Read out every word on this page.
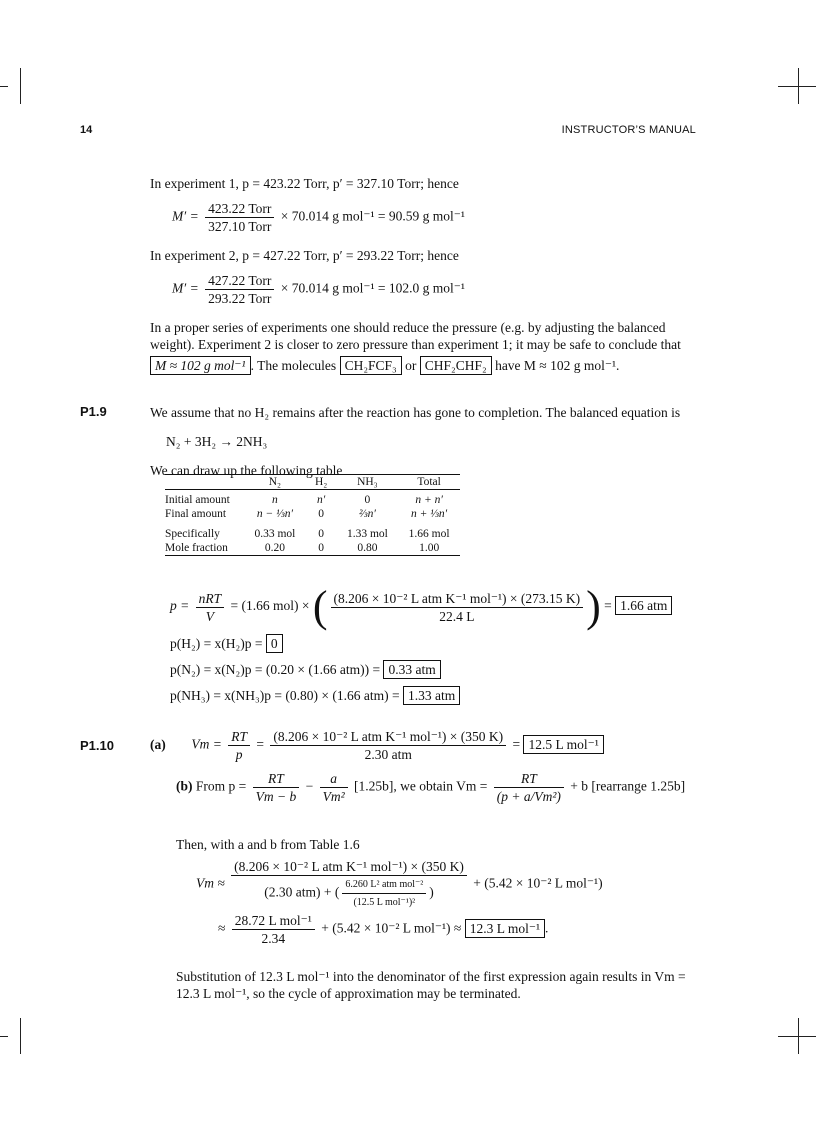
14	INSTRUCTOR’S MANUAL
In experiment 1, p = 423.22 Torr, p′ = 327.10 Torr; hence
$M' = \frac{\text{423.22 Torr}}{\text{327.10 Torr}} \times 70.014$ g mol⁻¹ = 90.59 g mol⁻¹
In experiment 2, p = 427.22 Torr, p′ = 293.22 Torr; hence
$M' = \frac{\text{427.22 Torr}}{\text{293.22 Torr}} \times 70.014$ g mol⁻¹ = 102.0 g mol⁻¹
In a proper series of experiments one should reduce the pressure (e.g. by adjusting the balanced
weight). Experiment 2 is closer to zero pressure than experiment 1; it may be safe to conclude that
M ≈ 102 g mol⁻¹ . The molecules CH₂FCF₃ or CHF₂CHF₂ have M ≈ 102 g mol⁻¹.
P1.9	We assume that no H₂ remains after the reaction has gone to completion. The balanced equation is
N₂ + 3H₂ → 2NH₃
We can draw up the following table
	N₂	H₂	NH₃	Total

Initial amount	n	n′	0	n + n′
Final amount	n − ⅓n′	0	⅔n′	n + ⅓n′

Specifically	0.33 mol	0	1.33 mol	1.66 mol
Mole fraction	0.20	0	0.80	1.00
$p = \frac{\text{nRT}}{V} = (1.66$ mol) × ( $\frac{\text{(8.206 × 10⁻² L atm K⁻¹ mol⁻¹) × (273.15 K)}}{22.4 L}$ ) = 1.66 atm
p(H₂) = x(H₂)p = 0
p(N₂) = x(N₂)p = (0.20 × (1.66 atm)) = 0.33 atm
p(NH₃) = x(NH₃)p = (0.80) × (1.66 atm) = 1.33 atm
P1.10	(a) $Vm = \frac{RT}{p} = \frac{\text{(8.206 × 10⁻² L atm K⁻¹ mol⁻¹) × (350 K)}}{\text{2.30 atm}} = 12.5$ L mol⁻¹
(b) From $p = \frac{RT}{Vm - b} - \frac{a}{\text{Vm²}} [1.25b]$, we obtain $Vm = \frac{RT}{\text{(p + a/Vm²)}} + b$ [rearrange 1.25b]
Then, with a and b from Table 1.6
$Vm \approx \frac{\text{(8.206 × 10⁻² L atm K⁻¹ mol⁻¹) × (350 K)}}{(2.30 atm) + ( \frac{\text{6.260 L² atm mol⁻²}}{\text{(12.5 L mol⁻¹)²}} )} + (5.42 \times 10^{-2}$ L mol⁻¹)
≈ $\frac{\text{28.72 L mol⁻¹}}{2.34} + (5.42 \times 10^{-2}$ L mol⁻¹) ≈ 12.3 L mol⁻¹ .
Substitution of 12.3 L mol⁻¹ into the denominator of the first expression again results in Vm =
12.3 L mol⁻¹, so the cycle of approximation may be terminated.
